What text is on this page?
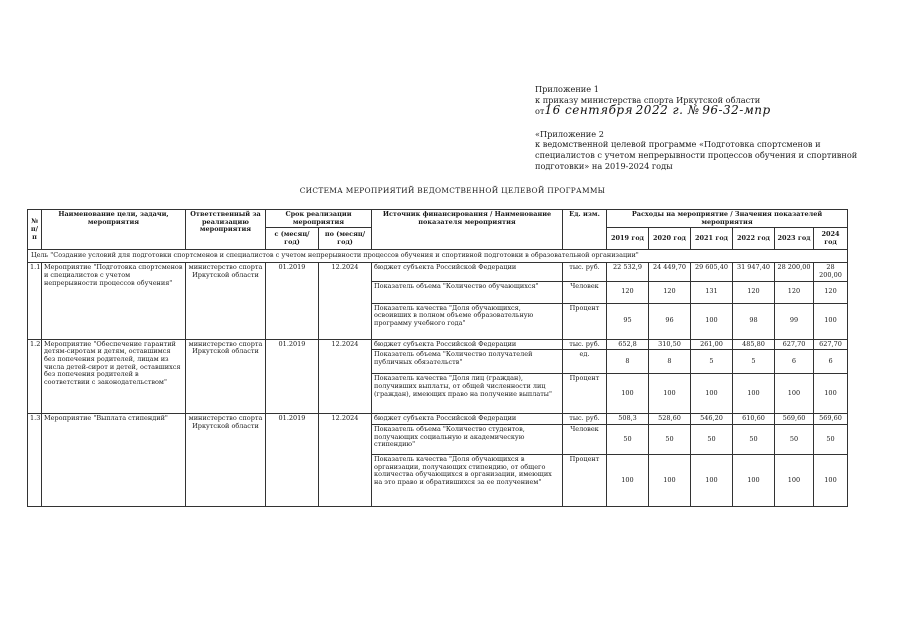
Приложение 1
к приказу министерства спорта Иркутской области
от16 сентября 2022 г. № 96-32-мпр
«Приложение 2
к ведомственной целевой программе «Подготовка спортсменов и
специалистов с учетом непрерывности процессов обучения и спортивной
подготовки» на 2019-2024 годы
СИСТЕМА МЕРОПРИЯТИЙ ВЕДОМСТВЕННОЙ ЦЕЛЕВОЙ ПРОГРАММЫ
№ п/п	Наименование цели, задачи, мероприятия	Ответственный за реализацию мероприятия	Срок реализации мероприятия		Источник финансирования / Наименование показателя мероприятия	Ед. изм.	Расходы на мероприятие / Значения показателей мероприятия					
			с (месяц/год)	по (месяц/год)			2019 год	2020 год	2021 год	2022 год	2023 год	2024 год

Цель "Создание условий для подготовки спортсменов и специалистов с учетом непрерывности процессов обучения и спортивной подготовки в образовательной организации"												
1.1	Мероприятие "Подготовка спортсменов и специалистов с учетом непрерывности процессов обучения"	министерство спорта Иркутской области	01.2019	12.2024	бюджет субъекта Российской Федерации	тыс. руб.	22 532,9	24 449,70	29 605,40	31 947,40	28 200,00	28 200,00
					Показатель объема "Количество обучающихся"	Человек	120	120	131	120	120	120
					Показатель качества "Доля обучающихся, освоивших в полном объеме образовательную программу учебного года"	Процент	95	96	100	98	99	100
1.2	Мероприятие "Обеспечение гарантий детям-сиротам и детям, оставшимся без попечения родителей, лицам из числа детей-сирот и детей, оставшихся без попечения родителей в соответствии с законодательством"	министерство спорта Иркутской области	01.2019	12.2024	бюджет субъекта Российской Федерации	тыс. руб.	652,8	310,50	261,00	485,80	627,70	627,70
					Показатель объема "Количество получателей публичных обязательств"	ед.	8	8	5	5	6	6
					Показатель качества "Доля лиц (граждан), получивших выплаты, от общей численности лиц (граждан), имеющих право на получение выплаты"	Процент	100	100	100	100	100	100
1.3	Мероприятие "Выплата стипендий"	министерство спорта Иркутской области	01.2019	12.2024	бюджет субъекта Российской Федерации	тыс. руб.	508,3	528,60	546,20	610,60	569,60	569,60
					Показатель объема "Количество студентов, получающих социальную и академическую стипендию"	Человек	50	50	50	50	50	50
					Показатель качества "Доля обучающихся в организации, получающих стипендию, от общего количества обучающихся в организации, имеющих на это право и обратившихся за ее получением"	Процент	100	100	100	100	100	100
